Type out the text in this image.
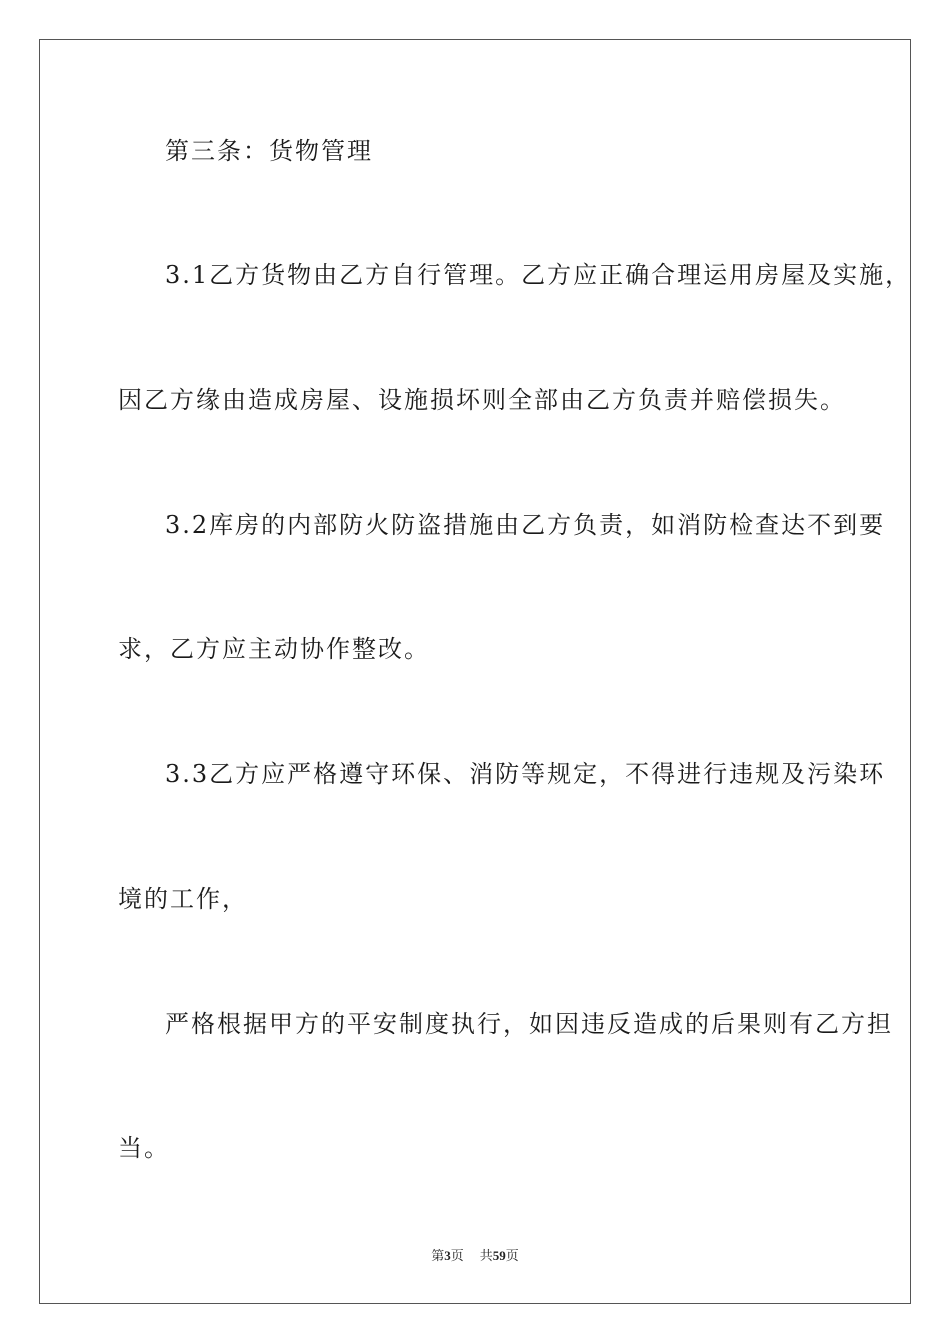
第三条：货物管理

3.1乙方货物由乙方自行管理。乙方应正确合理运用房屋及实施，

因乙方缘由造成房屋、设施损坏则全部由乙方负责并赔偿损失。

3.2库房的内部防火防盗措施由乙方负责，如消防检查达不到要

求，乙方应主动协作整改。

3.3乙方应严格遵守环保、消防等规定，不得进行违规及污染环

境的工作，

严格根据甲方的平安制度执行，如因违反造成的后果则有乙方担

当。

第3页 共59页
